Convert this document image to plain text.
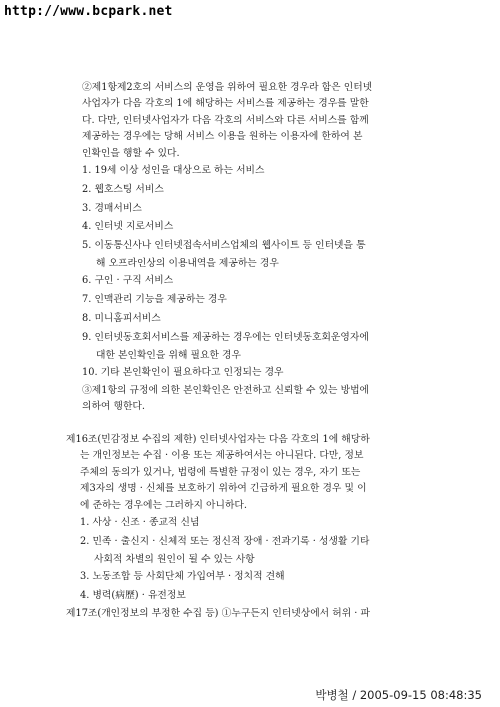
http://www.bcpark.net
②제1항제2호의 서비스의 운영을 위하여 필요한 경우라 함은 인터넷
사업자가 다음 각호의 1에 해당하는 서비스를 제공하는 경우를 말한
다. 다만, 인터넷사업자가 다음 각호의 서비스와 다른 서비스를 함께
제공하는 경우에는 당해 서비스 이용을 원하는 이용자에 한하여 본
인확인을 행할 수 있다.
1. 19세 이상 성인을 대상으로 하는 서비스
2. 웹호스팅 서비스
3. 경매서비스
4. 인터넷 지로서비스
5. 이동통신사나 인터넷접속서비스업체의 웹사이트 등 인터넷을 통
해 오프라인상의 이용내역을 제공하는 경우
6. 구인 · 구직 서비스
7. 인맥관리 기능을 제공하는 경우
8. 미니홈피서비스
9. 인터넷동호회서비스를 제공하는 경우에는 인터넷동호회운영자에
대한 본인확인을 위해 필요한 경우
10. 기타 본인확인이 필요하다고 인정되는 경우
③제1항의 규정에 의한 본인확인은 안전하고 신뢰할 수 있는 방법에
의하여 행한다.
제16조(민감정보 수집의 제한) 인터넷사업자는 다음 각호의 1에 해당하
는 개인정보는 수집 · 이용 또는 제공하여서는 아니된다. 다만, 정보
주체의 동의가 있거나, 법령에 특별한 규정이 있는 경우, 자기 또는
제3자의 생명 · 신체를 보호하기 위하여 긴급하게 필요한 경우 및 이
에 준하는 경우에는 그러하지 아니하다.
1. 사상 · 신조 · 종교적 신념
2. 민족 · 출신지 · 신체적 또는 정신적 장애 · 전과기록 · 성생활 기타
사회적 차별의 원인이 될 수 있는 사항
3. 노동조합 등 사회단체 가입여부 · 정치적 견해
4. 병력(病歷) · 유전정보
제17조(개인정보의 부정한 수집 등) ①누구든지 인터넷상에서 허위 · 파
박병철 / 2005-09-15 08:48:35
